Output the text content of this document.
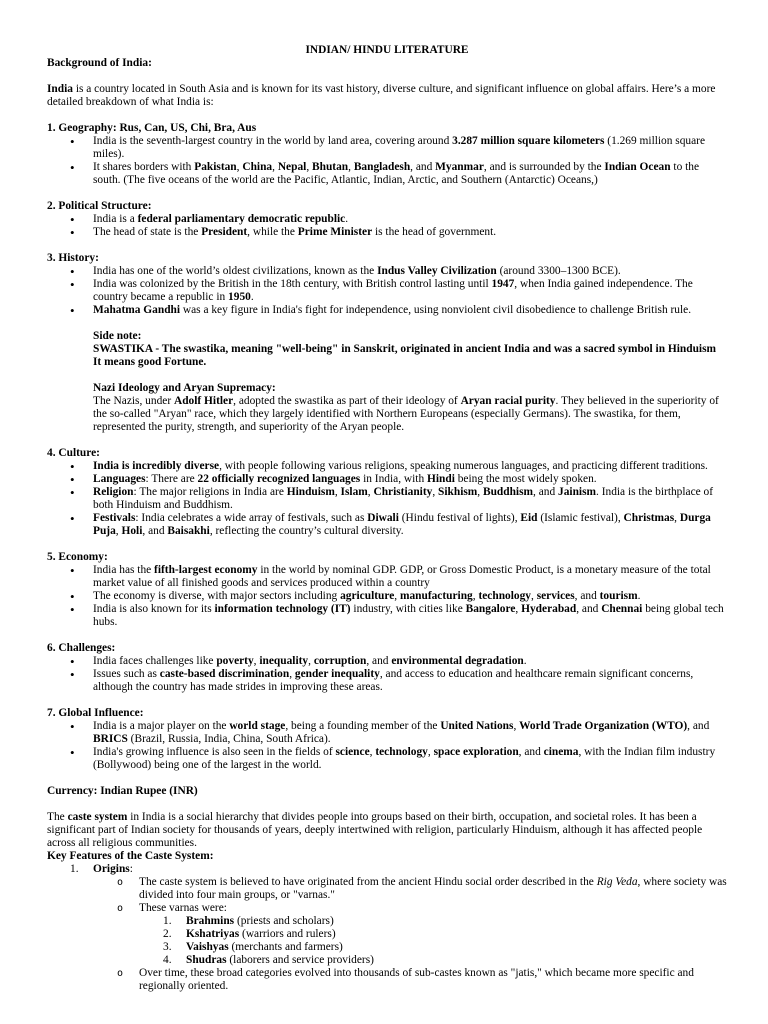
INDIAN/ HINDU LITERATURE

Background of India:

India is a country located in South Asia and is known for its vast history, diverse culture, and significant influence on global affairs. Here’s a more detailed breakdown of what India is:

1. Geography: Rus, Can, US, Chi, Bra, Aus

• India is the seventh-largest country in the world by land area, covering around 3.287 million square kilometers (1.269 million square miles).
• It shares borders with Pakistan, China, Nepal, Bhutan, Bangladesh, and Myanmar, and is surrounded by the Indian Ocean to the south. (The five oceans of the world are the Pacific, Atlantic, Indian, Arctic, and Southern (Antarctic) Oceans,)

2. Political Structure:

• India is a federal parliamentary democratic republic.
• The head of state is the President, while the Prime Minister is the head of government.

3. History:

• India has one of the world’s oldest civilizations, known as the Indus Valley Civilization (around 3300–1300 BCE).
• India was colonized by the British in the 18th century, with British control lasting until 1947, when India gained independence. The country became a republic in 1950.
• Mahatma Gandhi was a key figure in India's fight for independence, using nonviolent civil disobedience to challenge British rule.

Side note:

SWASTIKA - The swastika, meaning "well-being" in Sanskrit, originated in ancient India and was a sacred symbol in Hinduism It means good Fortune.

Nazi Ideology and Aryan Supremacy:

The Nazis, under Adolf Hitler, adopted the swastika as part of their ideology of Aryan racial purity. They believed in the superiority of the so-called "Aryan" race, which they largely identified with Northern Europeans (especially Germans). The swastika, for them, represented the purity, strength, and superiority of the Aryan people.

4. Culture:

• India is incredibly diverse, with people following various religions, speaking numerous languages, and practicing different traditions.
• Languages: There are 22 officially recognized languages in India, with Hindi being the most widely spoken.
• Religion: The major religions in India are Hinduism, Islam, Christianity, Sikhism, Buddhism, and Jainism. India is the birthplace of both Hinduism and Buddhism.
• Festivals: India celebrates a wide array of festivals, such as Diwali (Hindu festival of lights), Eid (Islamic festival), Christmas, Durga Puja, Holi, and Baisakhi, reflecting the country’s cultural diversity.

5. Economy:

• India has the fifth-largest economy in the world by nominal GDP. GDP, or Gross Domestic Product, is a monetary measure of the total market value of all finished goods and services produced within a country
• The economy is diverse, with major sectors including agriculture, manufacturing, technology, services, and tourism.
• India is also known for its information technology (IT) industry, with cities like Bangalore, Hyderabad, and Chennai being global tech hubs.

6. Challenges:

• India faces challenges like poverty, inequality, corruption, and environmental degradation.
• Issues such as caste-based discrimination, gender inequality, and access to education and healthcare remain significant concerns, although the country has made strides in improving these areas.

7. Global Influence:

• India is a major player on the world stage, being a founding member of the United Nations, World Trade Organization (WTO), and BRICS (Brazil, Russia, India, China, South Africa).
• India's growing influence is also seen in the fields of science, technology, space exploration, and cinema, with the Indian film industry (Bollywood) being one of the largest in the world.

Currency: Indian Rupee (INR)

The caste system in India is a social hierarchy that divides people into groups based on their birth, occupation, and societal roles. It has been a significant part of Indian society for thousands of years, deeply intertwined with religion, particularly Hinduism, although it has affected people across all religious communities.

Key Features of the Caste System:

1. Origins:
o The caste system is believed to have originated from the ancient Hindu social order described in the Rig Veda, where society was divided into four main groups, or "varnas."
o These varnas were:
1. Brahmins (priests and scholars)
2. Kshatriyas (warriors and rulers)
3. Vaishyas (merchants and farmers)
4. Shudras (laborers and service providers)
o Over time, these broad categories evolved into thousands of sub-castes known as "jatis," which became more specific and regionally oriented.
